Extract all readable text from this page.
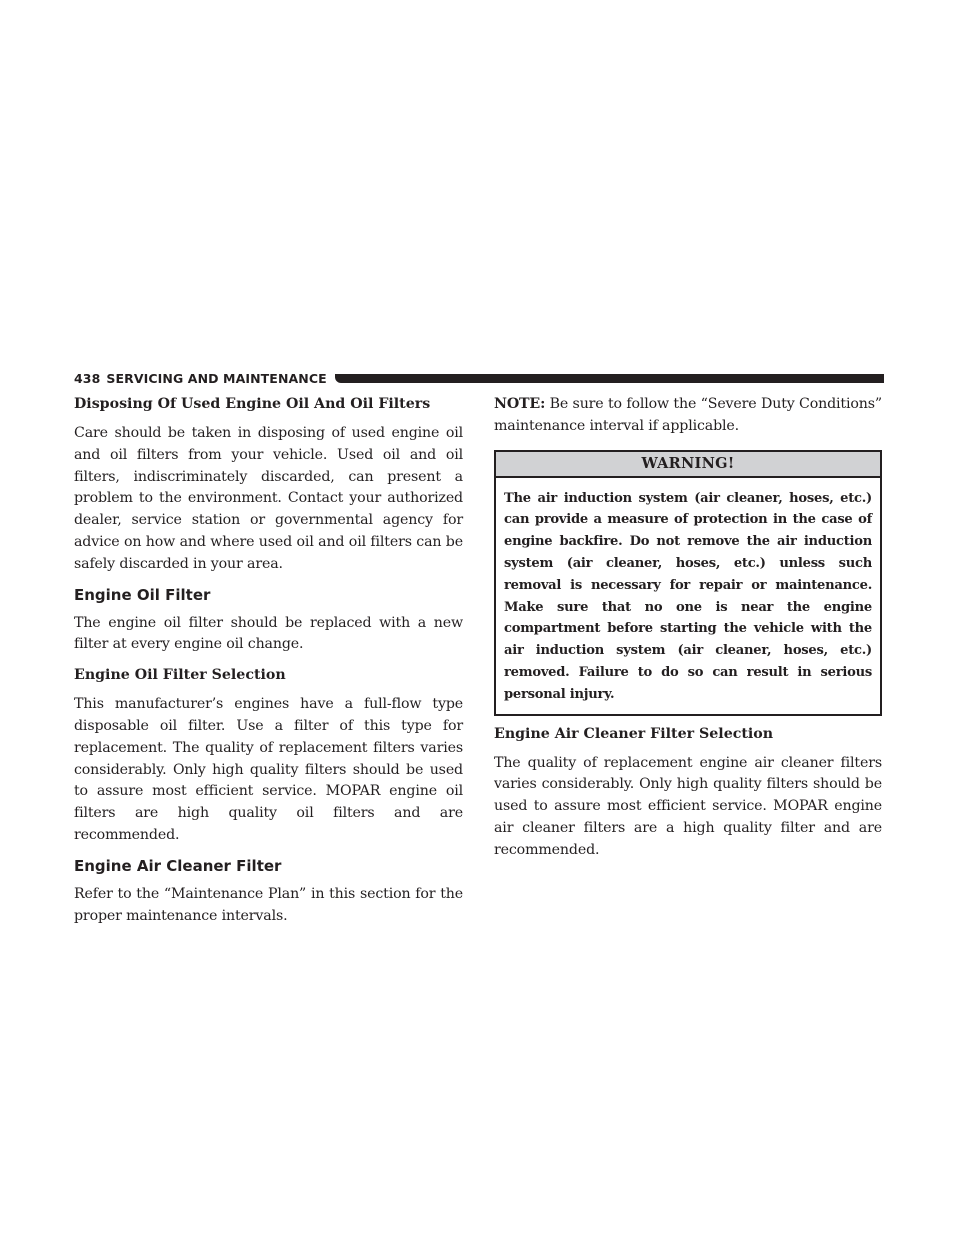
438 SERVICING AND MAINTENANCE
Disposing Of Used Engine Oil And Oil Filters

Care should be taken in disposing of used engine oil and oil filters from your vehicle. Used oil and oil filters, indiscriminately discarded, can present a problem to the environment. Contact your authorized dealer, service station or governmental agency for advice on how and where used oil and oil filters can be safely discarded in your area.

Engine Oil Filter

The engine oil filter should be replaced with a new filter at every engine oil change.

Engine Oil Filter Selection

This manufacturer’s engines have a full-flow type disposable oil filter. Use a filter of this type for replacement. The quality of replacement filters varies considerably. Only high quality filters should be used to assure most efficient service. MOPAR engine oil filters are high quality oil filters and are recommended.

Engine Air Cleaner Filter

Refer to the “Maintenance Plan” in this section for the proper maintenance intervals.

NOTE: Be sure to follow the “Severe Duty Conditions” maintenance interval if applicable.

WARNING!
The air induction system (air cleaner, hoses, etc.) can provide a measure of protection in the case of engine backfire. Do not remove the air induction system (air cleaner, hoses, etc.) unless such removal is necessary for repair or maintenance. Make sure that no one is near the engine compartment before starting the vehicle with the air induction system (air cleaner, hoses, etc.) removed. Failure to do so can result in serious personal injury.
Engine Air Cleaner Filter Selection

The quality of replacement engine air cleaner filters varies considerably. Only high quality filters should be used to assure most efficient service. MOPAR engine air cleaner filters are a high quality filter and are recommended.
